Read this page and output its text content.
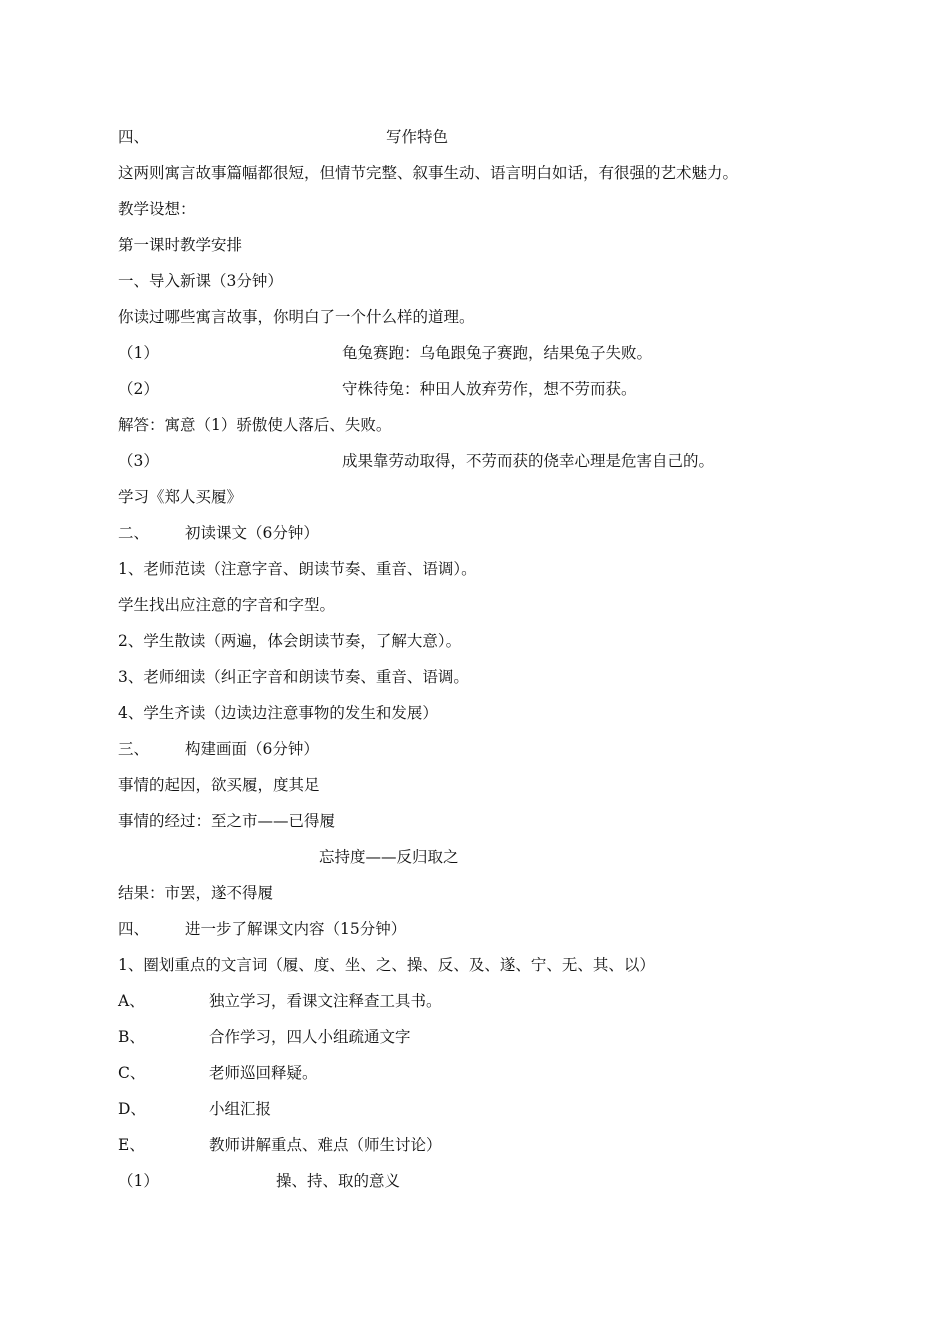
四、	写作特色
这两则寓言故事篇幅都很短，但情节完整、叙事生动、语言明白如话，有很强的艺术魅力。
教学设想：
第一课时教学安排
一、导入新课（3分钟）
你读过哪些寓言故事，你明白了一个什么样的道理。
（1）	龟兔赛跑：乌龟跟兔子赛跑，结果兔子失败。
（2）	守株待兔：种田人放弃劳作，想不劳而获。
解答：寓意（1）骄傲使人落后、失败。
（3）	成果靠劳动取得，不劳而获的侥幸心理是危害自己的。
学习《郑人买履》
二、 初读课文（6分钟）
1、老师范读（注意字音、朗读节奏、重音、语调）。
学生找出应注意的字音和字型。
2、学生散读（两遍，体会朗读节奏，了解大意）。
3、老师细读（纠正字音和朗读节奏、重音、语调。
4、学生齐读（边读边注意事物的发生和发展）
三、 构建画面（6分钟）
事情的起因，欲买履，度其足
事情的经过：至之市——已得履
忘持度——反归取之
结果：市罢，遂不得履
四、 进一步了解课文内容（15分钟）
1、圈划重点的文言词（履、度、坐、之、操、反、及、遂、宁、无、其、以）
A、	独立学习，看课文注释查工具书。
B、	合作学习，四人小组疏通文字
C、	老师巡回释疑。
D、	小组汇报
E、	教师讲解重点、难点（师生讨论）
（1）	操、持、取的意义
